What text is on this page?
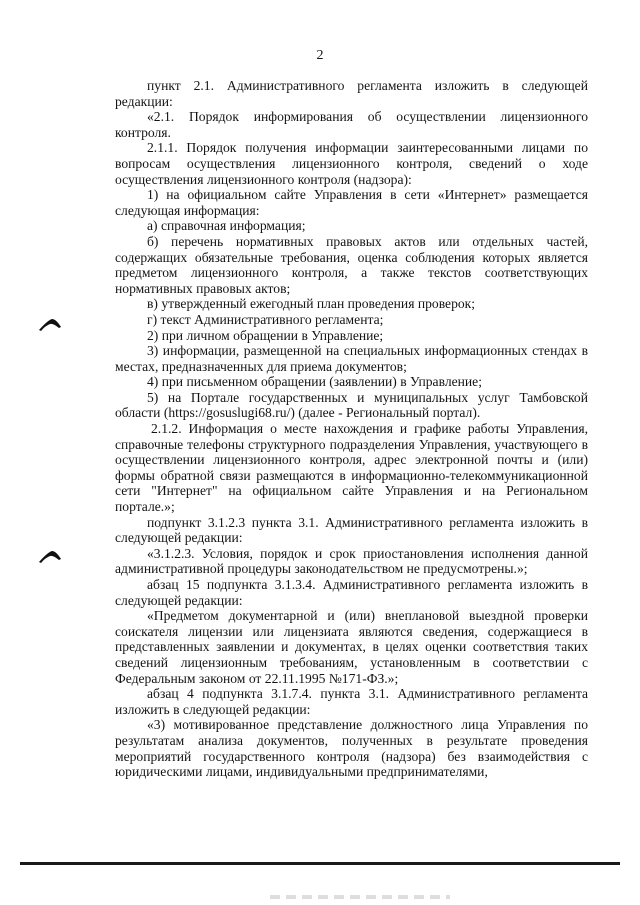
2

пункт 2.1. Административного регламента изложить в следующей редакции:

«2.1. Порядок информирования об осуществлении лицензионного контроля.

2.1.1. Порядок получения информации заинтересованными лицами по вопросам осуществления лицензионного контроля, сведений о ходе осуществления лицензионного контроля (надзора):

1) на официальном сайте Управления в сети «Интернет» размещается следующая информация:

а) справочная информация;

б) перечень нормативных правовых актов или отдельных частей, содержащих обязательные требования, оценка соблюдения которых является предметом лицензионного контроля, а также текстов соответствующих нормативных правовых актов;

в) утвержденный ежегодный план проведения проверок;

г) текст Административного регламента;

2) при личном обращении в Управление;

3) информации, размещенной на специальных информационных стендах в местах, предназначенных для приема документов;

4) при письменном обращении (заявлении) в Управление;

5) на Портале государственных и муниципальных услуг Тамбовской области (https://gosuslugi68.ru/) (далее - Региональный портал).

2.1.2. Информация о месте нахождения и графике работы Управления, справочные телефоны структурного подразделения Управления, участвующего в осуществлении лицензионного контроля, адрес электронной почты и (или) формы обратной связи размещаются в информационно-телекоммуникационной сети "Интернет" на официальном сайте Управления и на Региональном портале.»;

подпункт 3.1.2.3 пункта 3.1. Административного регламента изложить в следующей редакции:

«3.1.2.3. Условия, порядок и срок приостановления исполнения данной административной процедуры законодательством не предусмотрены.»;

абзац 15 подпункта 3.1.3.4. Административного регламента изложить в следующей редакции:

«Предметом документарной и (или) внеплановой выездной проверки соискателя лицензии или лицензиата являются сведения, содержащиеся в представленных заявлении и документах, в целях оценки соответствия таких сведений лицензионным требованиям, установленным в соответствии с Федеральным законом от 22.11.1995 №171-ФЗ.»;

абзац 4 подпункта 3.1.7.4. пункта 3.1. Административного регламента изложить в следующей редакции:

«3) мотивированное представление должностного лица Управления по результатам анализа документов, полученных в результате проведения мероприятий государственного контроля (надзора) без взаимодействия с юридическими лицами, индивидуальными предпринимателями,
